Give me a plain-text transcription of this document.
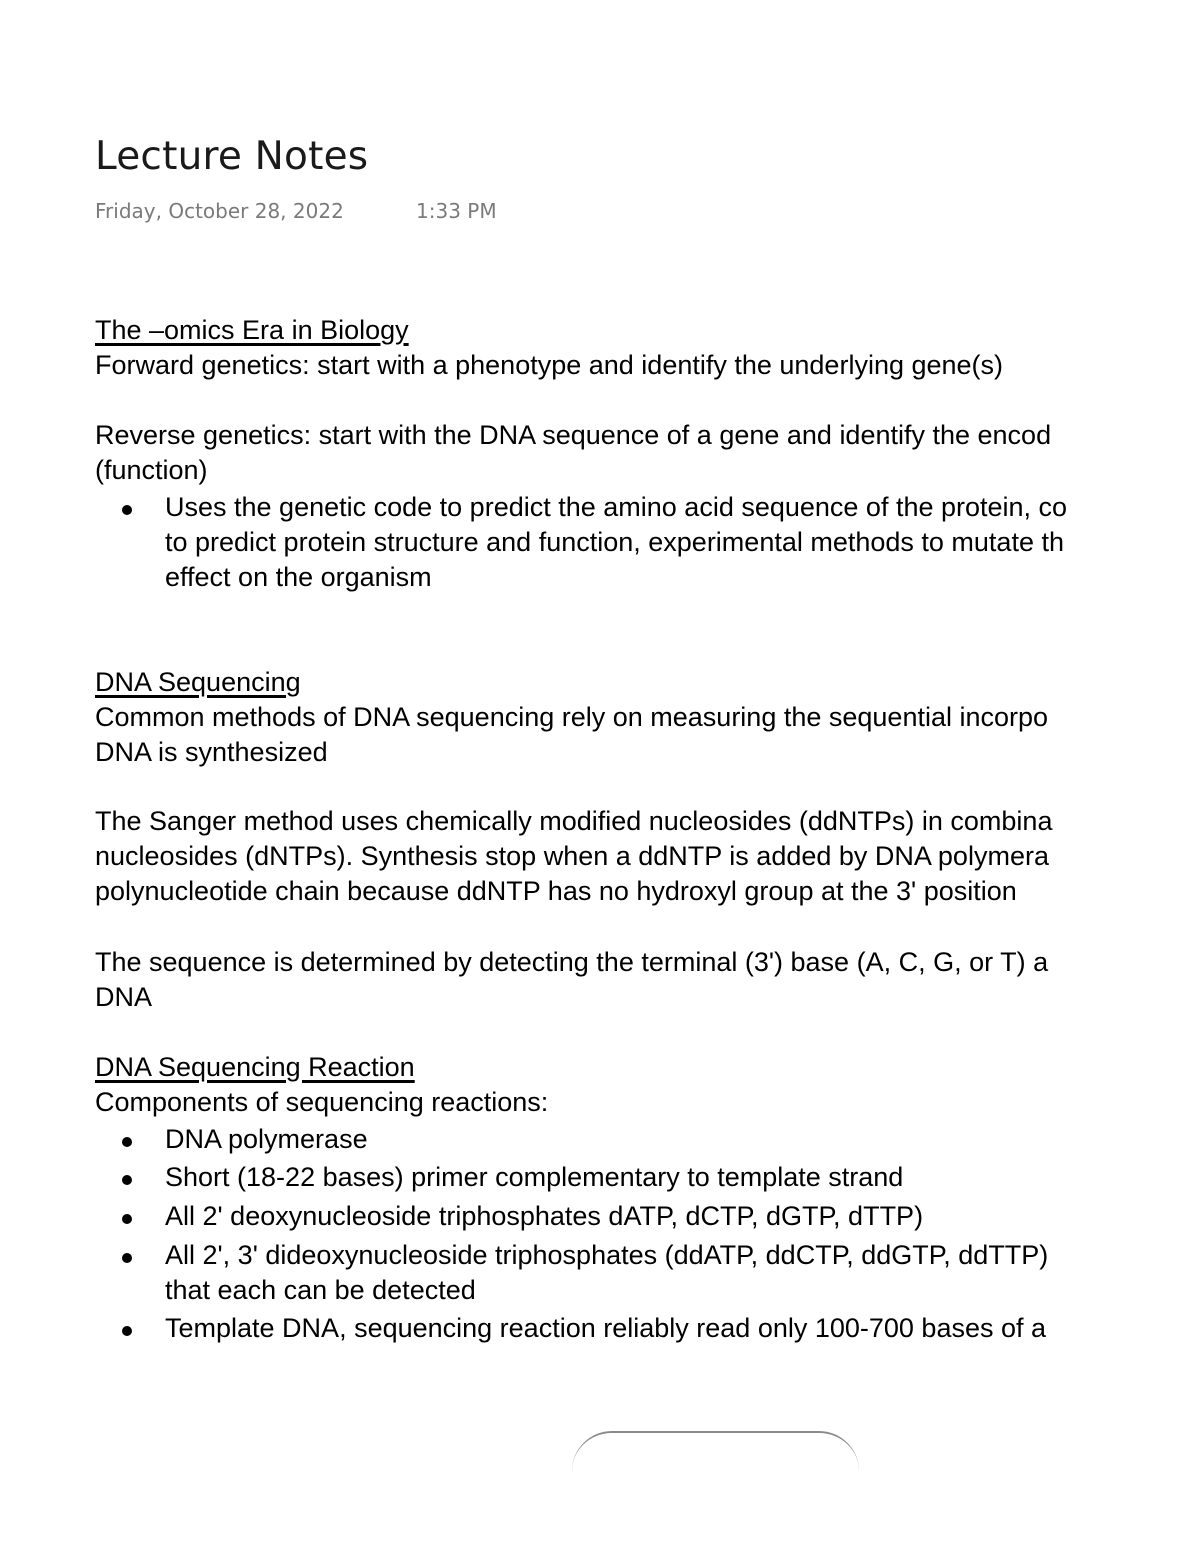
Lecture Notes
Friday, October 28, 2022	1:33 PM
The –omics Era in Biology
Forward genetics: start with a phenotype and identify the underlying gene(s)
Reverse genetics: start with the DNA sequence of a gene and identify the encod
(function)
Uses the genetic code to predict the amino acid sequence of the protein, co
to predict protein structure and function, experimental methods to mutate th
effect on the organism
DNA Sequencing
Common methods of DNA sequencing rely on measuring the sequential incorpo
DNA is synthesized
The Sanger method uses chemically modified nucleosides (ddNTPs) in combina
nucleosides (dNTPs). Synthesis stop when a ddNTP is added by DNA polymera
polynucleotide chain because ddNTP has no hydroxyl group at the 3' position
The sequence is determined by detecting the terminal (3') base (A, C, G, or T) a
DNA
DNA Sequencing Reaction
Components of sequencing reactions:
DNA polymerase
Short (18-22 bases) primer complementary to template strand
All 2' deoxynucleoside triphosphates dATP, dCTP, dGTP, dTTP)
All 2', 3' dideoxynucleoside triphosphates (ddATP, ddCTP, ddGTP, ddTTP)
that each can be detected
Template DNA, sequencing reaction reliably read only 100-700 bases of a
